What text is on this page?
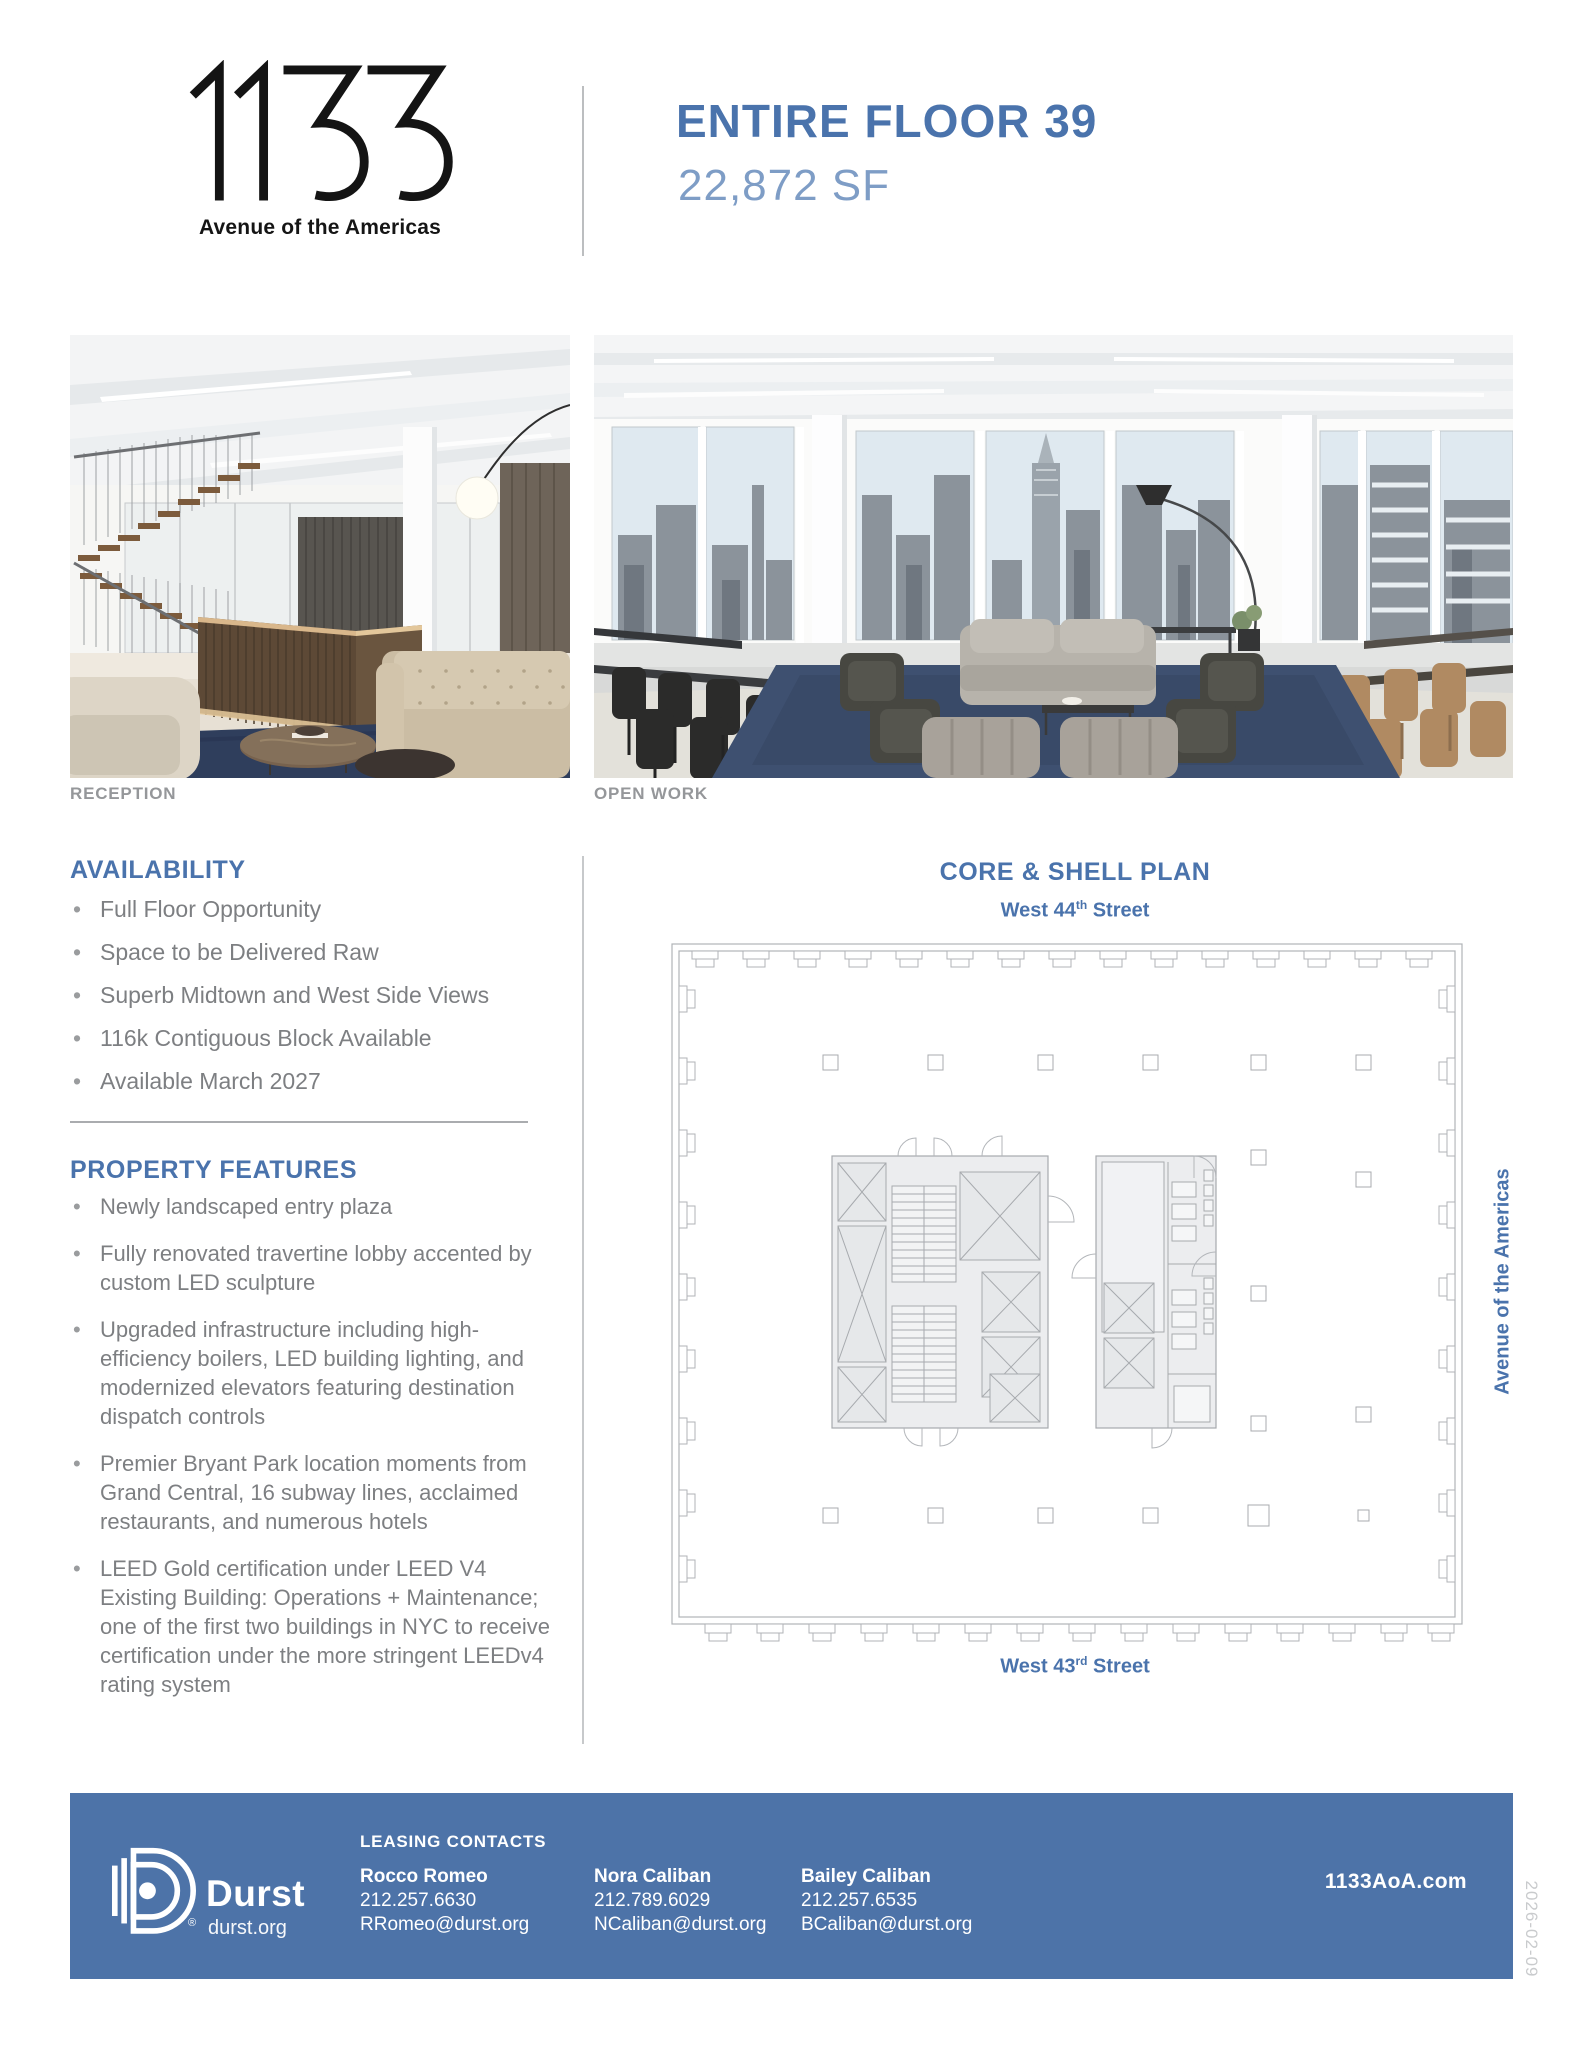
Avenue of the Americas
ENTIRE FLOOR 39
22,872 SF
RECEPTION	OPEN WORK
AVAILABILITY
• Full Floor Opportunity
• Space to be Delivered Raw
• Superb Midtown and West Side Views
• 116k Contiguous Block Available
• Available March 2027
PROPERTY FEATURES
• Newly landscaped entry plaza
• Fully renovated travertine lobby accented by custom LED sculpture
• Upgraded infrastructure including high-efficiency boilers, LED building lighting, and modernized elevators featuring destination dispatch controls
• Premier Bryant Park location moments from Grand Central, 16 subway lines, acclaimed restaurants, and numerous hotels
• LEED Gold certification under LEED V4 Existing Building: Operations + Maintenance; one of the first two buildings in NYC to receive certification under the more stringent LEEDv4 rating system
CORE & SHELL PLAN
West 44th Street
West 43rd Street
Avenue of the Americas
®
Durst
durst.org
LEASING CONTACTS
Rocco Romeo
212.257.6630
RRomeo@durst.org
Nora Caliban
212.789.6029
NCaliban@durst.org
Bailey Caliban
212.257.6535
BCaliban@durst.org
1133AoA.com	2026-02-09
